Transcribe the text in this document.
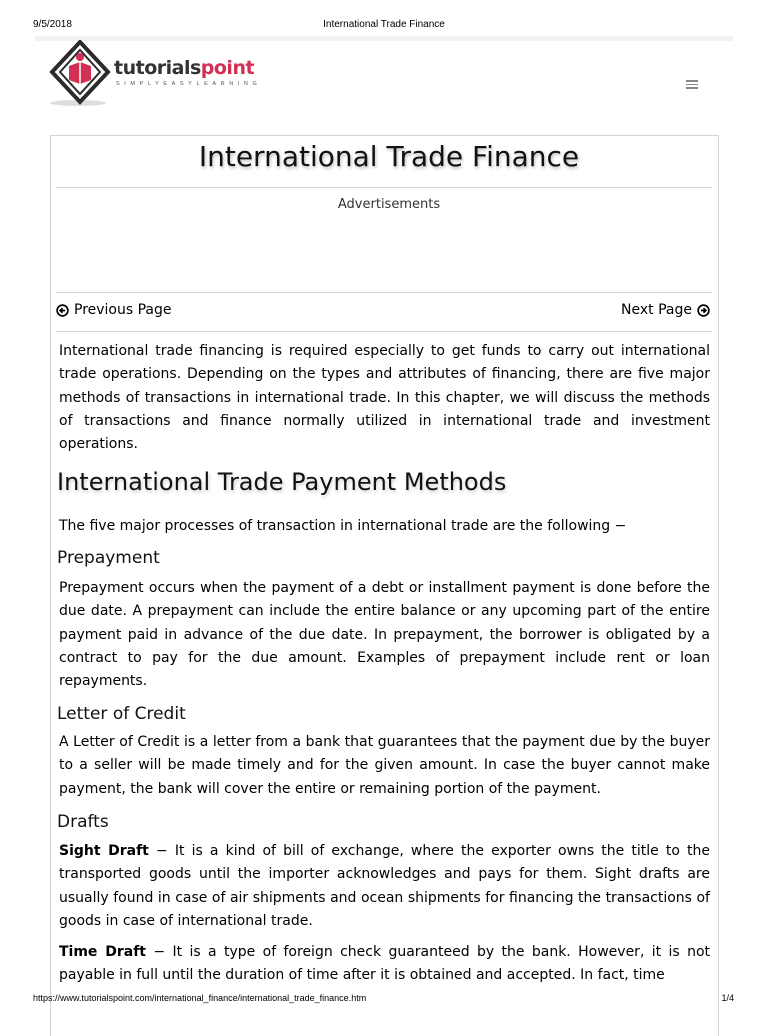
9/5/2018	International Trade Finance
tutorialspoint
SIMPLYEASYLEARNING
International Trade Finance
Advertisements
Previous Page	Next Page
International trade financing is required especially to get funds to carry out international trade operations. Depending on the types and attributes of financing, there are five major methods of transactions in international trade. In this chapter, we will discuss the methods of transactions and finance normally utilized in international trade and investment operations.
International Trade Payment Methods
The five major processes of transaction in international trade are the following −
Prepayment
Prepayment occurs when the payment of a debt or installment payment is done before the due date. A prepayment can include the entire balance or any upcoming part of the entire payment paid in advance of the due date. In prepayment, the borrower is obligated by a contract to pay for the due amount. Examples of prepayment include rent or loan repayments.
Letter of Credit
A Letter of Credit is a letter from a bank that guarantees that the payment due by the buyer to a seller will be made timely and for the given amount. In case the buyer cannot make payment, the bank will cover the entire or remaining portion of the payment.
Drafts
Sight Draft − It is a kind of bill of exchange, where the exporter owns the title to the transported goods until the importer acknowledges and pays for them. Sight drafts are usually found in case of air shipments and ocean shipments for financing the transactions of goods in case of international trade.
Time Draft − It is a type of foreign check guaranteed by the bank. However, it is not payable in full until the duration of time after it is obtained and accepted. In fact, time
https://www.tutorialspoint.com/international_finance/international_trade_finance.htm	1/4
